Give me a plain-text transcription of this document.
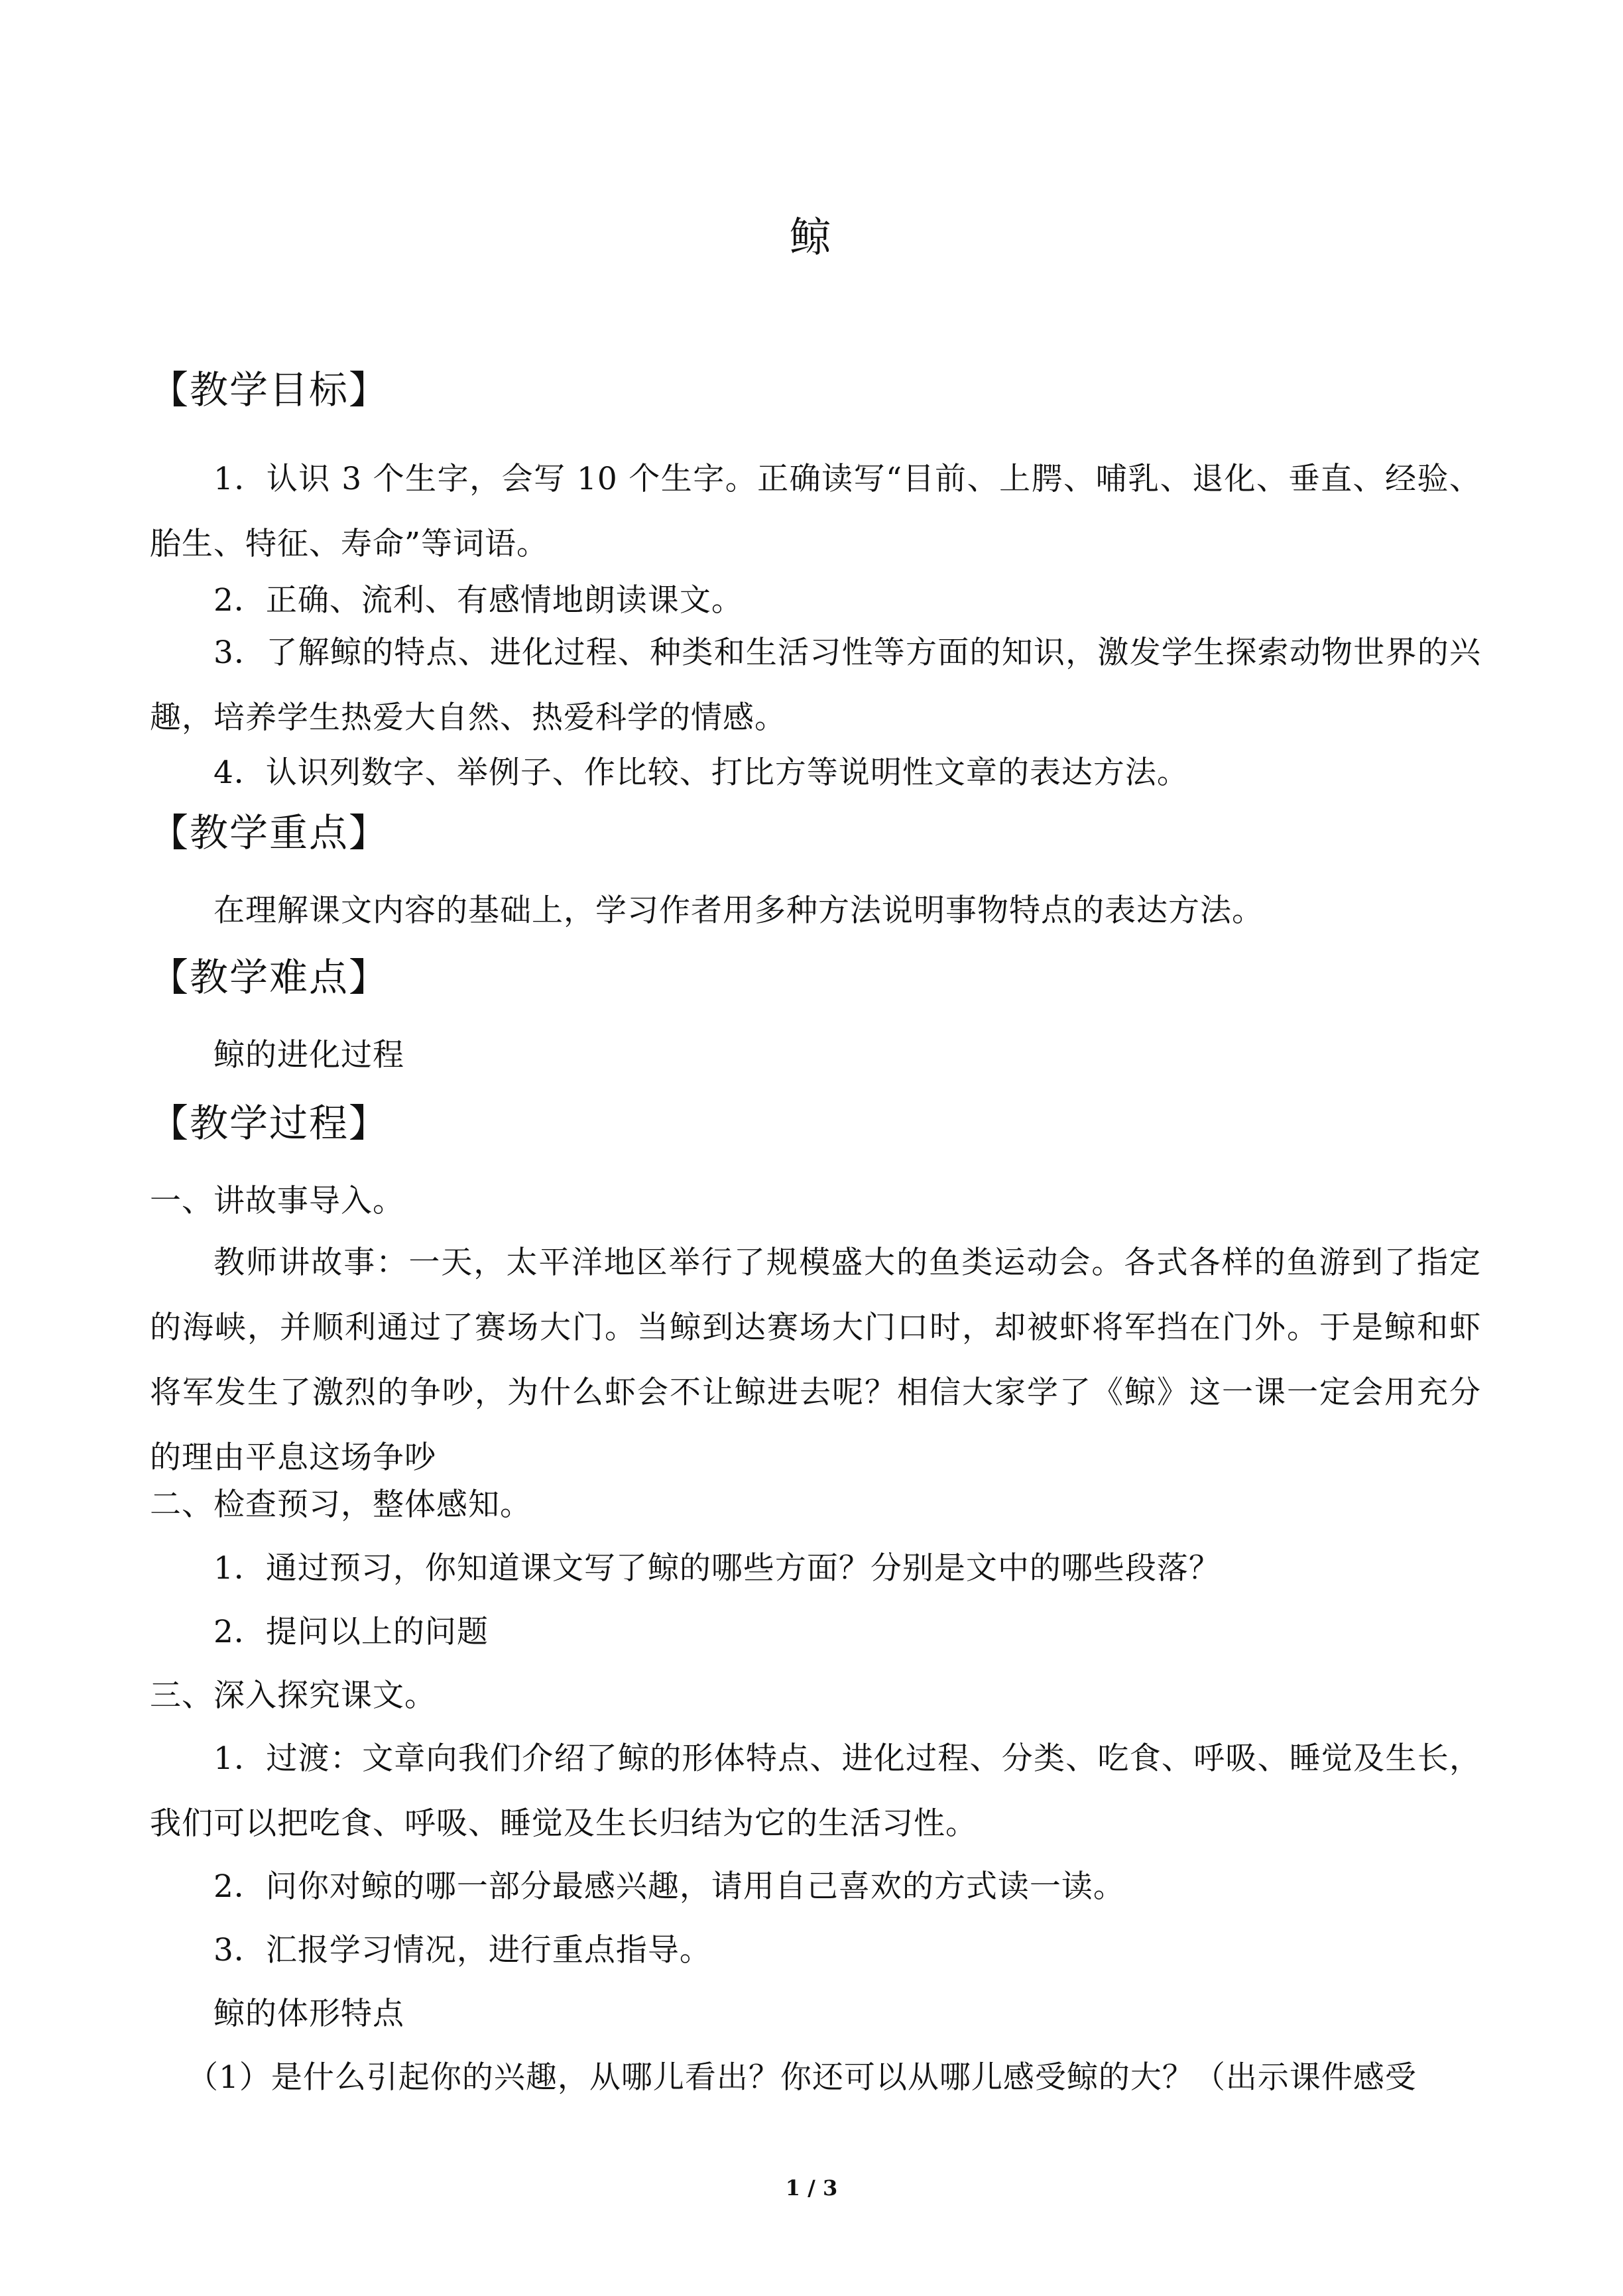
鲸
【教学目标】
1．认识 3 个生字，会写 10 个生字。正确读写“目前、上腭、哺乳、退化、垂直、经验、胎生、特征、寿命”等词语。
2．正确、流利、有感情地朗读课文。
3．了解鲸的特点、进化过程、种类和生活习性等方面的知识，激发学生探索动物世界的兴趣，培养学生热爱大自然、热爱科学的情感。
4．认识列数字、举例子、作比较、打比方等说明性文章的表达方法。
【教学重点】
在理解课文内容的基础上，学习作者用多种方法说明事物特点的表达方法。
【教学难点】
鲸的进化过程
【教学过程】
一、讲故事导入。
教师讲故事：一天，太平洋地区举行了规模盛大的鱼类运动会。各式各样的鱼游到了指定的海峡，并顺利通过了赛场大门。当鲸到达赛场大门口时，却被虾将军挡在门外。于是鲸和虾将军发生了激烈的争吵，为什么虾会不让鲸进去呢？相信大家学了《鲸》这一课一定会用充分的理由平息这场争吵
二、检查预习，整体感知。
1．通过预习，你知道课文写了鲸的哪些方面？分别是文中的哪些段落？
2．提问以上的问题
三、深入探究课文。
1．过渡：文章向我们介绍了鲸的形体特点、进化过程、分类、吃食、呼吸、睡觉及生长，我们可以把吃食、呼吸、睡觉及生长归结为它的生活习性。
2．问你对鲸的哪一部分最感兴趣，请用自己喜欢的方式读一读。
3．汇报学习情况，进行重点指导。
鲸的体形特点
（1）是什么引起你的兴趣，从哪儿看出？你还可以从哪儿感受鲸的大？（出示课件感受
1 / 3
